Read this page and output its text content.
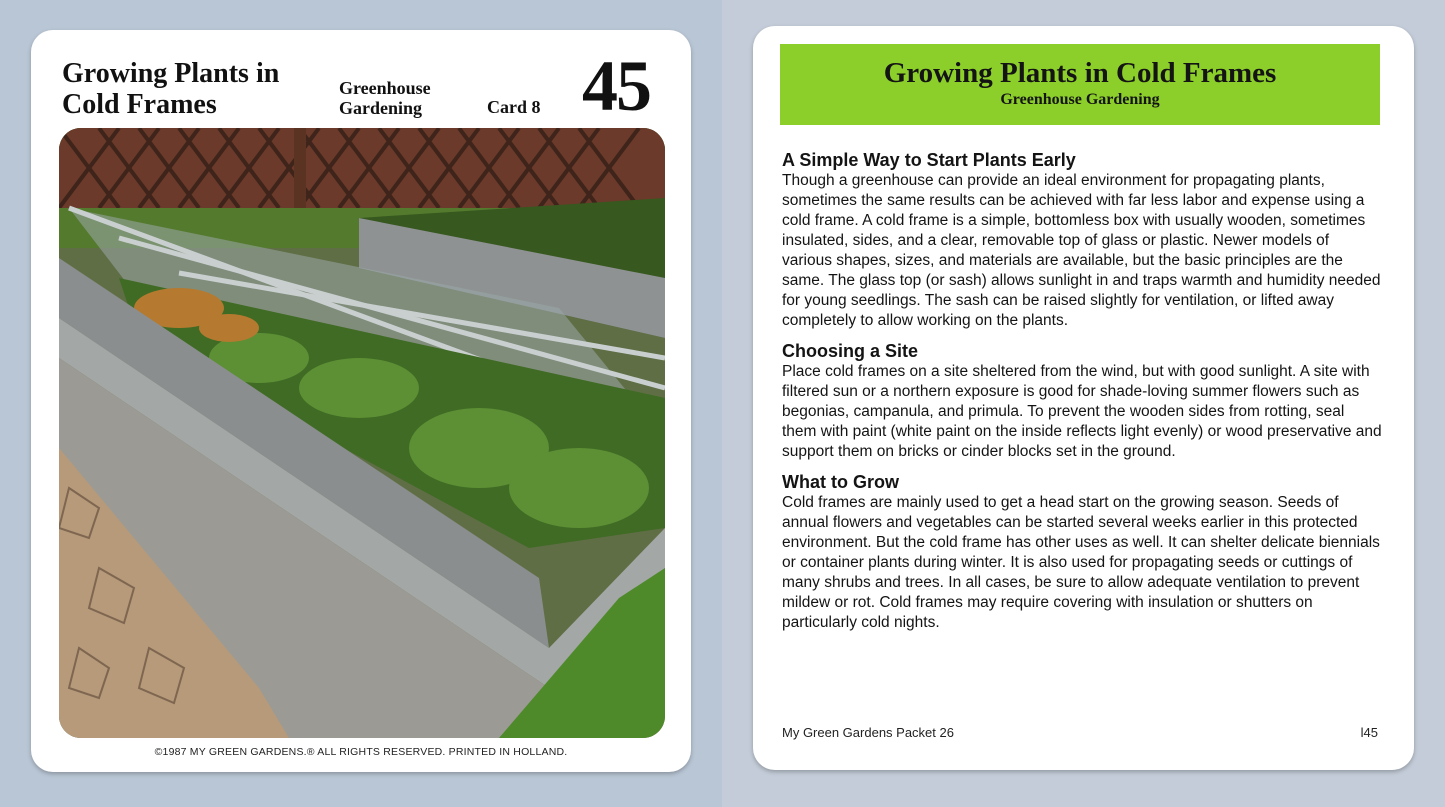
Growing Plants in Cold Frames
Greenhouse Gardening	Card 8 45
©1987 MY GREEN GARDENS.® ALL RIGHTS RESERVED. PRINTED IN HOLLAND.
Growing Plants in Cold Frames
Greenhouse Gardening
A Simple Way to Start Plants Early

Though a greenhouse can provide an ideal environment for propagating plants, sometimes the same results can be achieved with far less labor and expense using a cold frame. A cold frame is a simple, bottomless box with usually wooden, sometimes insulated, sides, and a clear, removable top of glass or plastic. Newer models of various shapes, sizes, and materials are available, but the basic principles are the same. The glass top (or sash) allows sunlight in and traps warmth and humidity needed for young seedlings. The sash can be raised slightly for ventilation, or lifted away completely to allow working on the plants.

Choosing a Site

Place cold frames on a site sheltered from the wind, but with good sunlight. A site with filtered sun or a northern exposure is good for shade-loving summer flowers such as begonias, campanula, and primula. To prevent the wooden sides from rotting, seal them with paint (white paint on the inside reflects light evenly) or wood preservative and support them on bricks or cinder blocks set in the ground.

What to Grow

Cold frames are mainly used to get a head start on the growing season. Seeds of annual flowers and vegetables can be started several weeks earlier in this protected environment. But the cold frame has other uses as well. It can shelter delicate biennials or container plants during winter. It is also used for propagating seeds or cuttings of many shrubs and trees. In all cases, be sure to allow adequate ventilation to prevent mildew or rot. Cold frames may require covering with insulation or shutters on particularly cold nights.

My Green Gardens Packet 26	l45
